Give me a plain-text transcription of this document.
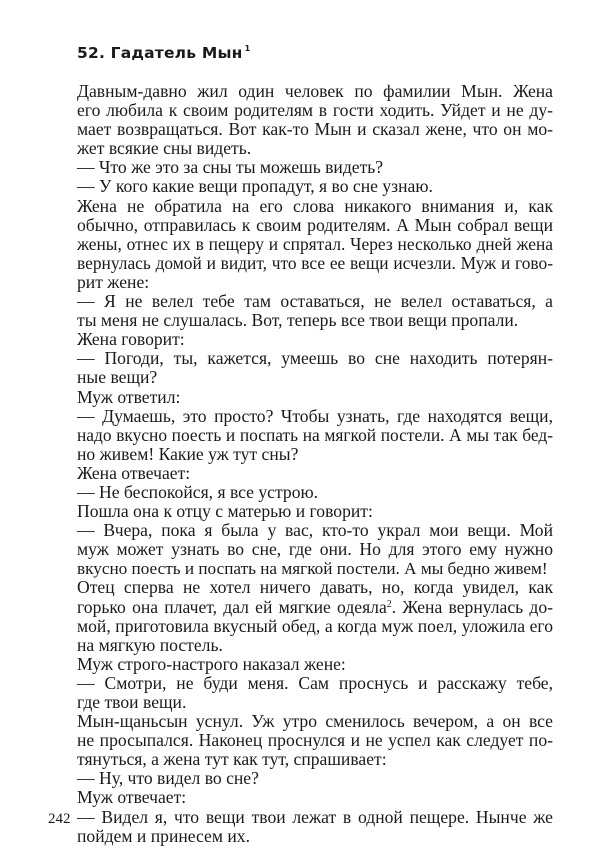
52. Гадатель Мын $^1$
Давным-давно жил один человек по фамилии Мын. Жена
его любила к своим родителям в гости ходить. Уйдет и не ду-
мает возвращаться. Вот как-то Мын и сказал жене, что он мо-
жет всякие сны видеть.
— Что же это за сны ты можешь видеть?
— У кого какие вещи пропадут, я во сне узнаю.
Жена не обратила на его слова никакого внимания и, как
обычно, отправилась к своим родителям. А Мын собрал вещи
жены, отнес их в пещеру и спрятал. Через несколько дней жена
вернулась домой и видит, что все ее вещи исчезли. Муж и гово-
рит жене:
— Я не велел тебе там оставаться, не велел оставаться, а
ты меня не слушалась. Вот, теперь все твои вещи пропали.
Жена говорит:
— Погоди, ты, кажется, умеешь во сне находить потерян-
ные вещи?
Муж ответил:
— Думаешь, это просто? Чтобы узнать, где находятся вещи,
надо вкусно поесть и поспать на мягкой постели. А мы так бед-
но живем! Какие уж тут сны?
Жена отвечает:
— Не беспокойся, я все устрою.
Пошла она к отцу с матерью и говорит:
— Вчера, пока я была у вас, кто-то украл мои вещи. Мой
муж может узнать во сне, где они. Но для этого ему нужно
вкусно поесть и поспать на мягкой постели. А мы бедно живем!
Отец сперва не хотел ничего давать, но, когда увидел, как
горько она плачет, дал ей мягкие одеяла$^2$. Жена вернулась до-
мой, приготовила вкусный обед, а когда муж поел, уложила его
на мягкую постель.
Муж строго-настрого наказал жене:
— Смотри, не буди меня. Сам проснусь и расскажу тебе,
где твои вещи.
Мын-щаньсын уснул. Уж утро сменилось вечером, а он все
не просыпался. Наконец проснулся и не успел как следует по-
тянуться, а жена тут как тут, спрашивает:
— Ну, что видел во сне?
Муж отвечает:
— Видел я, что вещи твои лежат в одной пещере. Нынче же
пойдем и принесем их.
242
